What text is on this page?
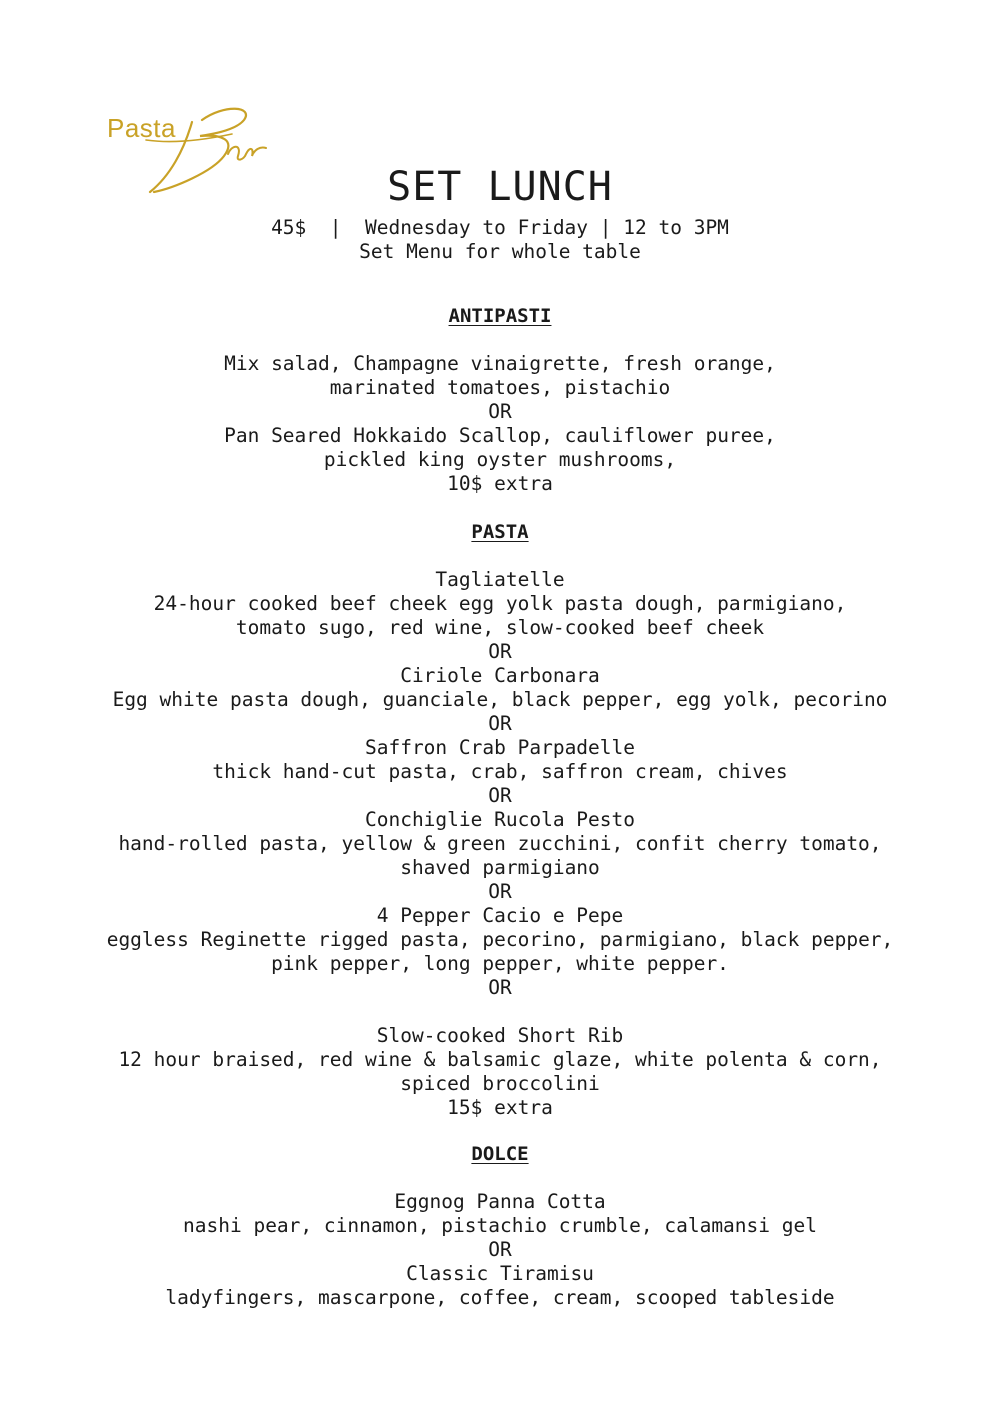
Pasta
SET LUNCH
45$  |  Wednesday to Friday | 12 to 3PM
Set Menu for whole table
ANTIPASTI
Mix salad, Champagne vinaigrette, fresh orange,
marinated tomatoes, pistachio
OR
Pan Seared Hokkaido Scallop, cauliflower puree,
pickled king oyster mushrooms,
10$ extra
PASTA
Tagliatelle
24-hour cooked beef cheek egg yolk pasta dough, parmigiano,
tomato sugo, red wine, slow-cooked beef cheek
OR
Ciriole Carbonara
Egg white pasta dough, guanciale, black pepper, egg yolk, pecorino
OR
Saffron Crab Parpadelle
thick hand-cut pasta, crab, saffron cream, chives
OR
Conchiglie Rucola Pesto
hand-rolled pasta, yellow & green zucchini, confit cherry tomato,
shaved parmigiano
OR
4 Pepper Cacio e Pepe
eggless Reginette rigged pasta, pecorino, parmigiano, black pepper,
pink pepper, long pepper, white pepper.
OR

Slow-cooked Short Rib
12 hour braised, red wine & balsamic glaze, white polenta & corn,
spiced broccolini
15$ extra
DOLCE
Eggnog Panna Cotta
nashi pear, cinnamon, pistachio crumble, calamansi gel
OR
Classic Tiramisu
ladyfingers, mascarpone, coffee, cream, scooped tableside
